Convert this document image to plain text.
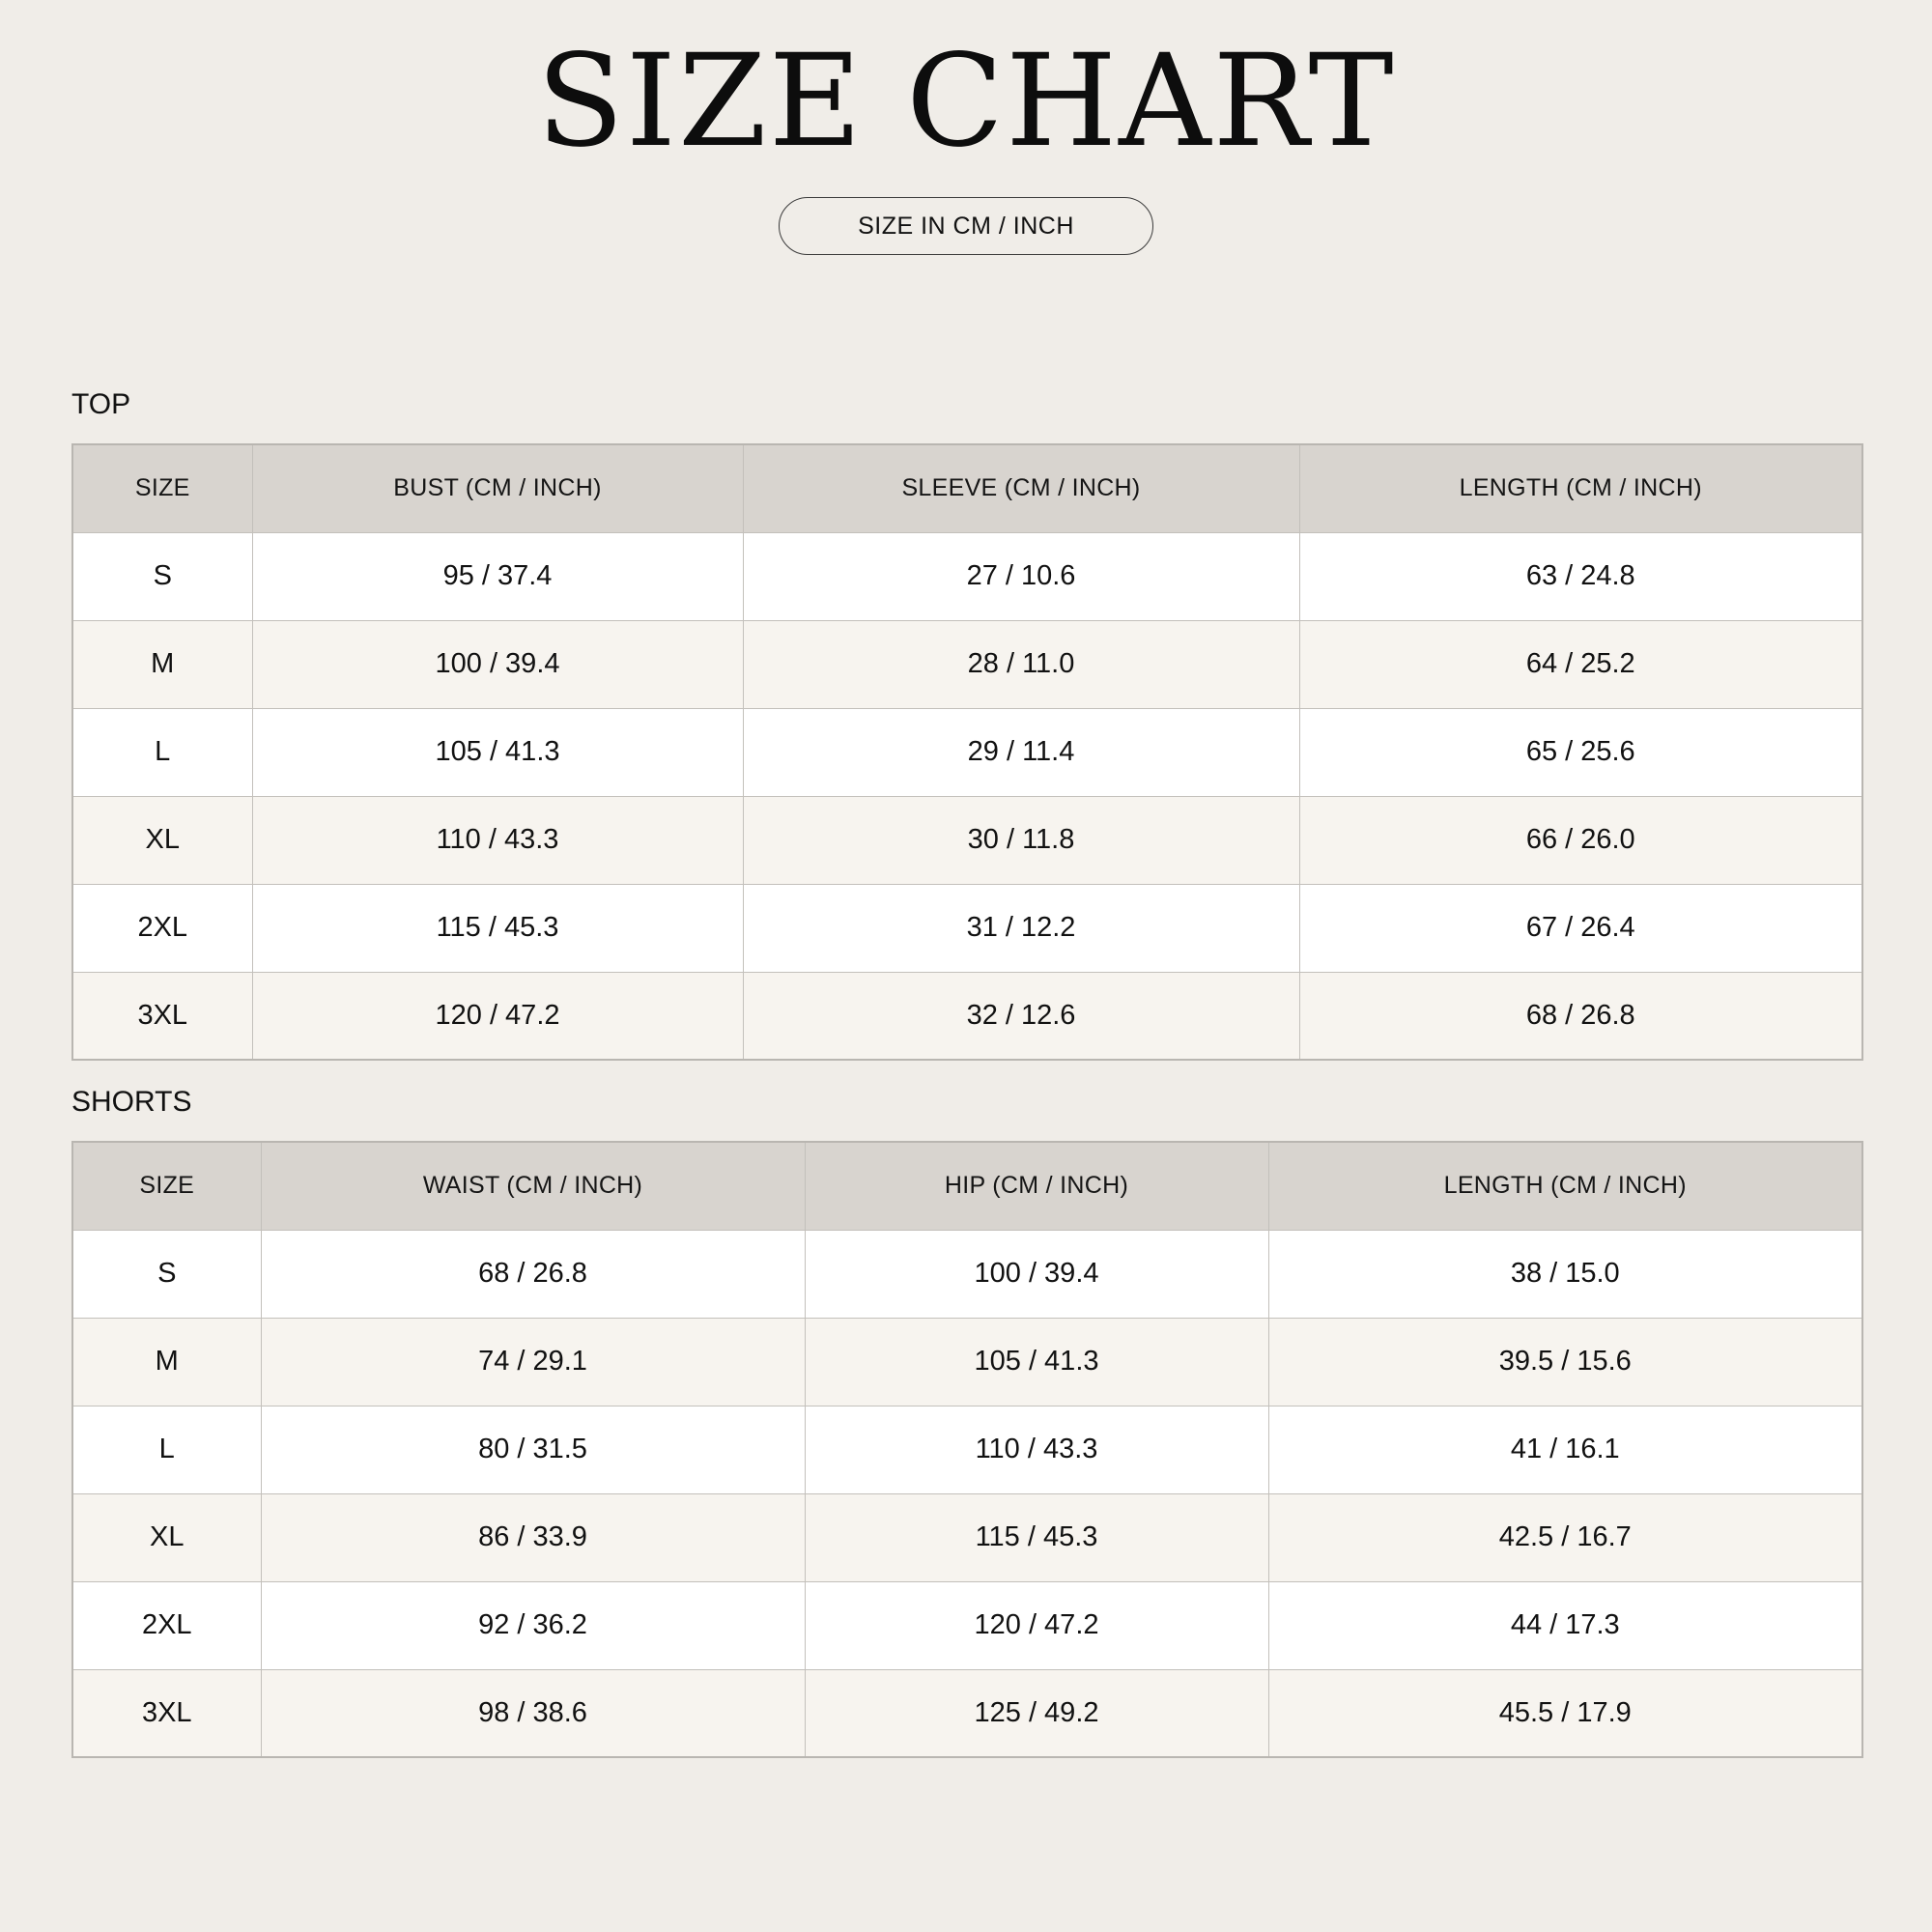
SIZE CHART
SIZE IN CM / INCH
TOP
SIZE	BUST (CM / INCH)	SLEEVE (CM / INCH)	LENGTH (CM / INCH)
S	95 / 37.4	27 / 10.6	63 / 24.8
M	100 / 39.4	28 / 11.0	64 / 25.2
L	105 / 41.3	29 / 11.4	65 / 25.6
XL	110 / 43.3	30 / 11.8	66 / 26.0
2XL	115 / 45.3	31 / 12.2	67 / 26.4
3XL	120 / 47.2	32 / 12.6	68 / 26.8
SHORTS
SIZE	WAIST (CM / INCH)	HIP (CM / INCH)	LENGTH (CM / INCH)
S	68 / 26.8	100 / 39.4	38 / 15.0
M	74 / 29.1	105 / 41.3	39.5 / 15.6
L	80 / 31.5	110 / 43.3	41 / 16.1
XL	86 / 33.9	115 / 45.3	42.5 / 16.7
2XL	92 / 36.2	120 / 47.2	44 / 17.3
3XL	98 / 38.6	125 / 49.2	45.5 / 17.9
